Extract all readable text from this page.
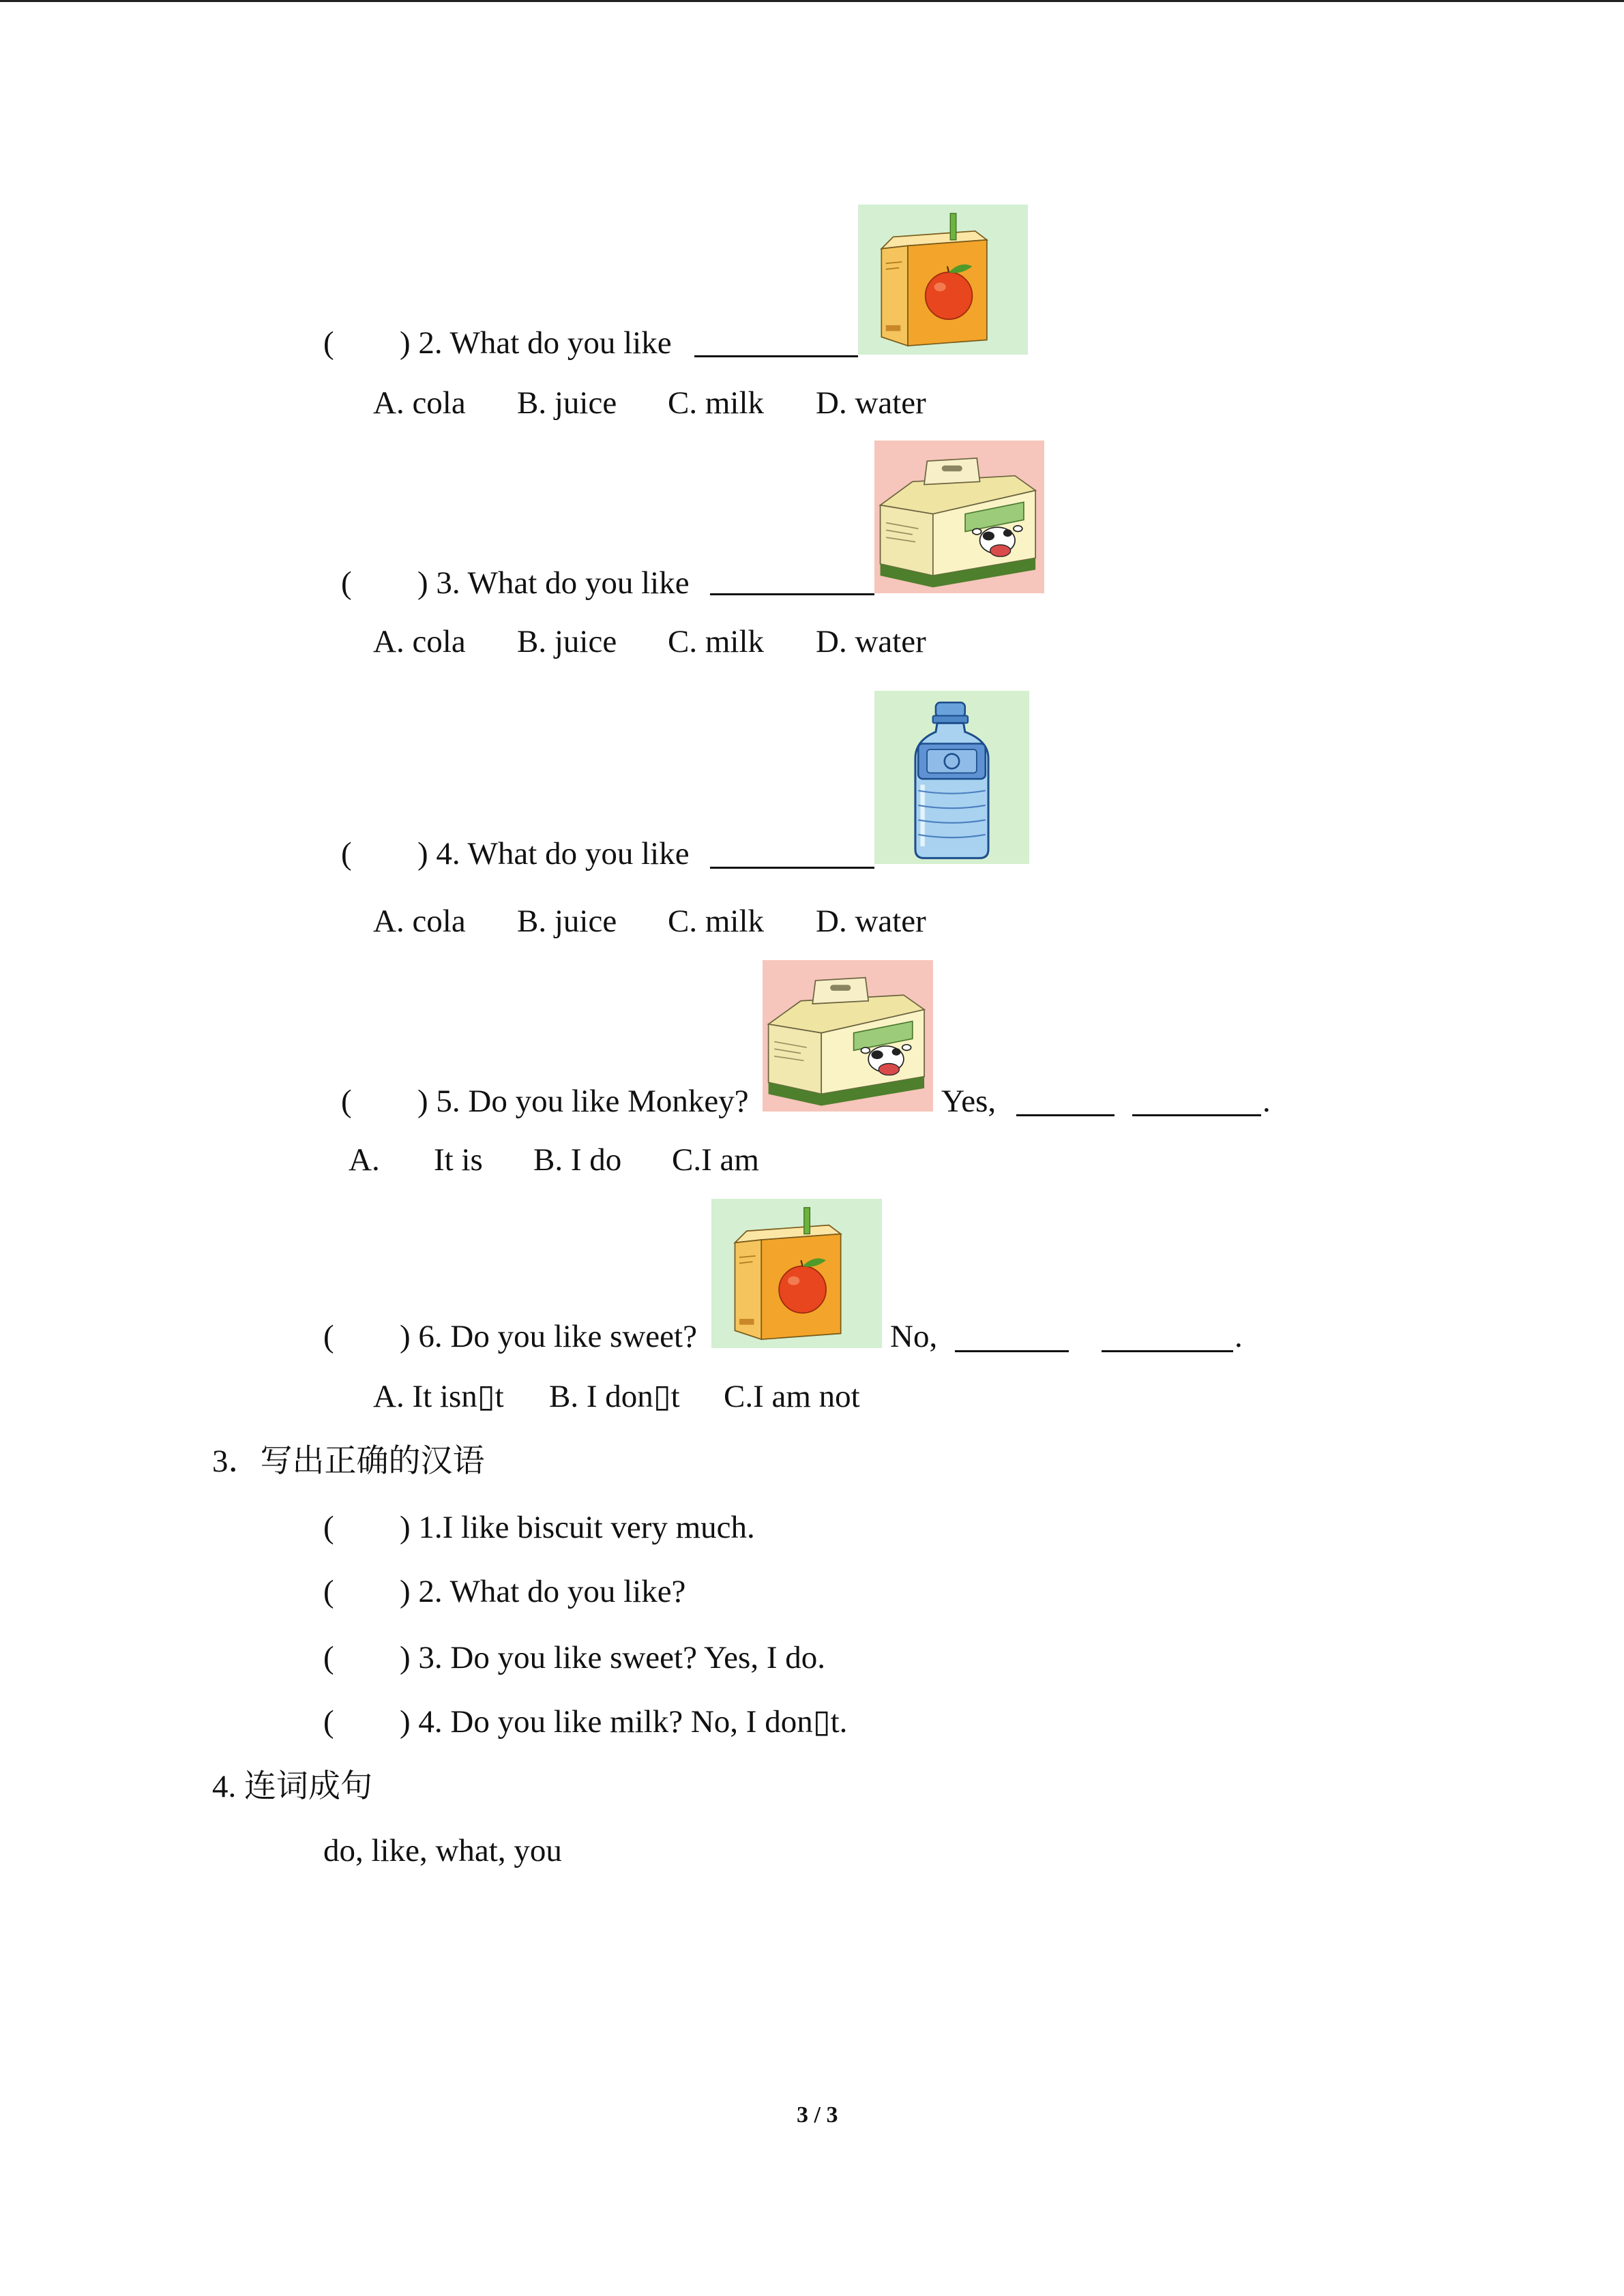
( ) 2. What do you like
A. cola B. juice C. milk D. water
( ) 3. What do you like
A. cola B. juice C. milk D. water
( ) 4. What do you like
A. cola B. juice C. milk D. water
( ) 5. Do you like Monkey?	Yes,	.
A. It is B. I do C.I am
( ) 6. Do you like sweet?	No,	.
A. It isn▯t B. I don▯t C.I am not
3．写出正确的汉语
( ) 1.I like biscuit very much.
( ) 2. What do you like?
( ) 3. Do you like sweet? Yes, I do.
( ) 4. Do you like milk? No, I don▯t.
4. 连词成句
do, like, what, you
3 / 3
